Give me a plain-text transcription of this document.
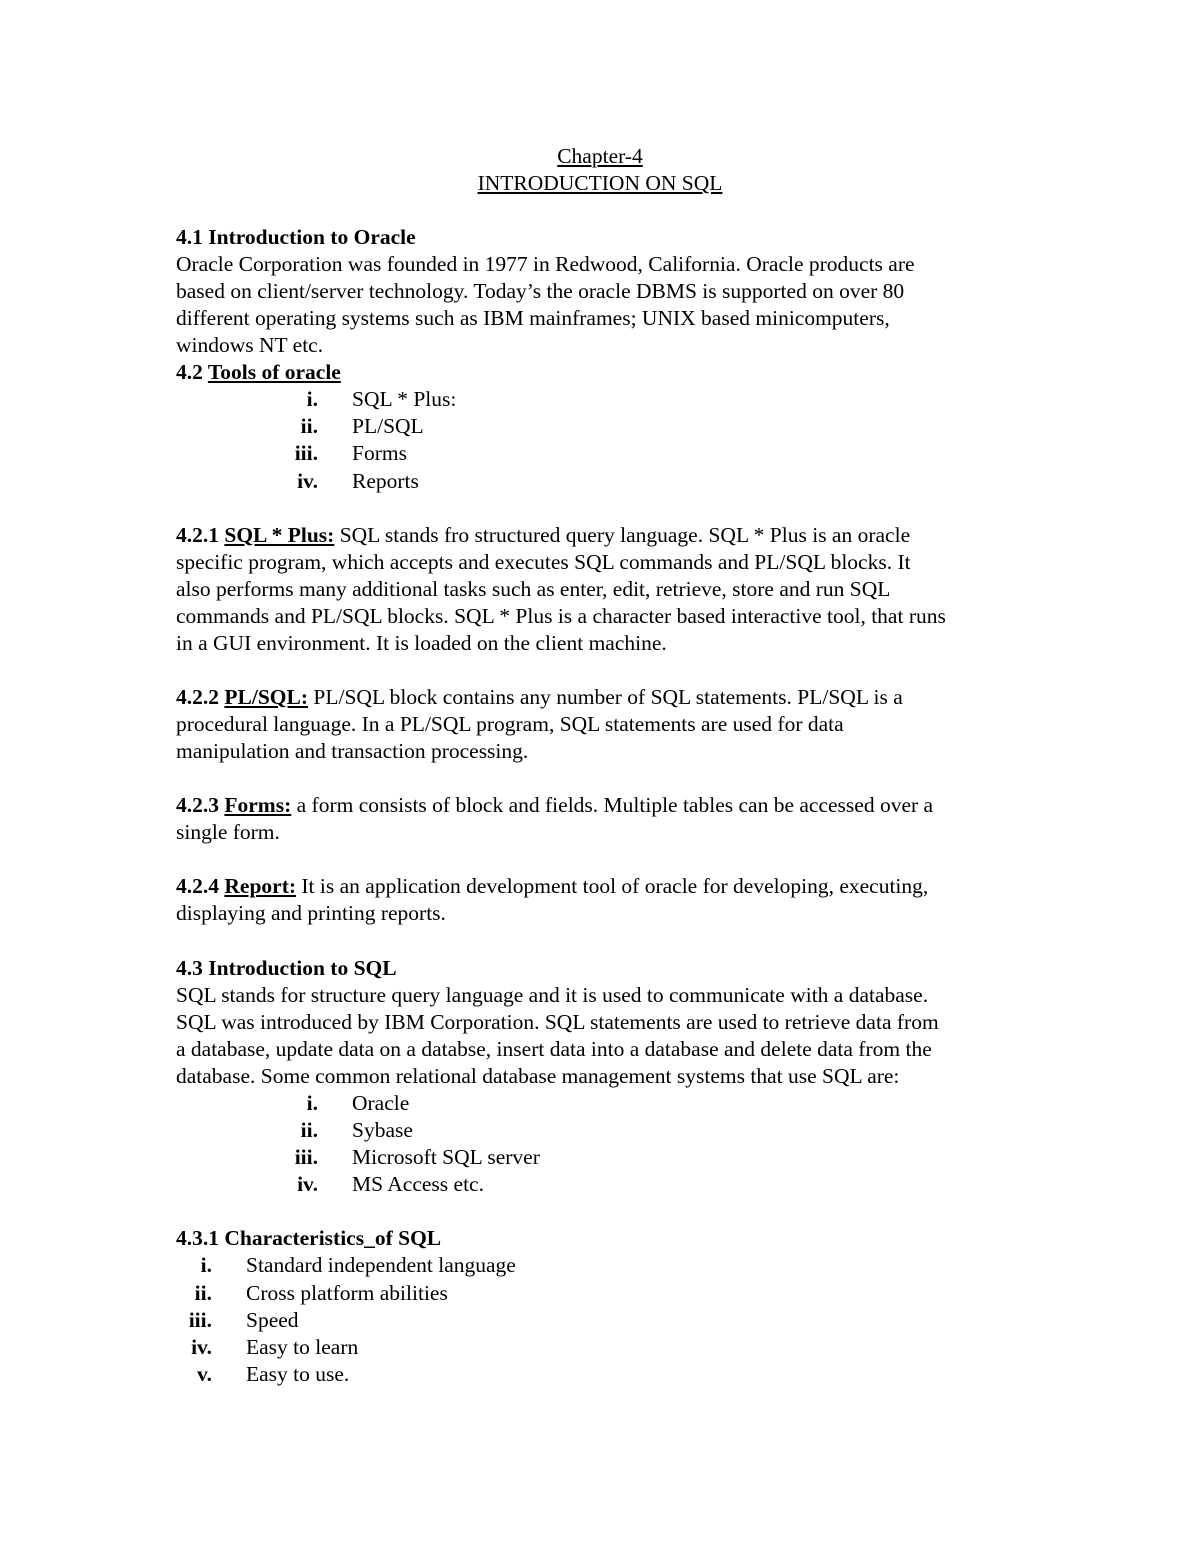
Chapter-4
INTRODUCTION ON SQL

4.1 Introduction to Oracle

Oracle Corporation was founded in 1977 in Redwood, California. Oracle products are

based on client/server technology. Today’s the oracle DBMS is supported on over 80

different operating systems such as IBM mainframes; UNIX based minicomputers,

windows NT etc.

4.2 Tools of oracle

i. SQL * Plus:
ii. PL/SQL
iii. Forms
iv. Reports

4.2.1 SQL * Plus: SQL stands fro structured query language. SQL * Plus is an oracle

specific program, which accepts and executes SQL commands and PL/SQL blocks. It

also performs many additional tasks such as enter, edit, retrieve, store and run SQL

commands and PL/SQL blocks. SQL * Plus is a character based interactive tool, that runs

in a GUI environment. It is loaded on the client machine.

4.2.2 PL/SQL: PL/SQL block contains any number of SQL statements. PL/SQL is a

procedural language. In a PL/SQL program, SQL statements are used for data

manipulation and transaction processing.

4.2.3 Forms: a form consists of block and fields. Multiple tables can be accessed over a

single form.

4.2.4 Report: It is an application development tool of oracle for developing, executing,

displaying and printing reports.

4.3 Introduction to SQL

SQL stands for structure query language and it is used to communicate with a database.

SQL was introduced by IBM Corporation. SQL statements are used to retrieve data from

a database, update data on a databse, insert data into a database and delete data from the

database. Some common relational database management systems that use SQL are:

i. Oracle
ii. Sybase
iii. Microsoft SQL server
iv. MS Access etc.

4.3.1 Characteristics_of SQL

i. Standard independent language
ii. Cross platform abilities
iii. Speed
iv. Easy to learn
v. Easy to use.
